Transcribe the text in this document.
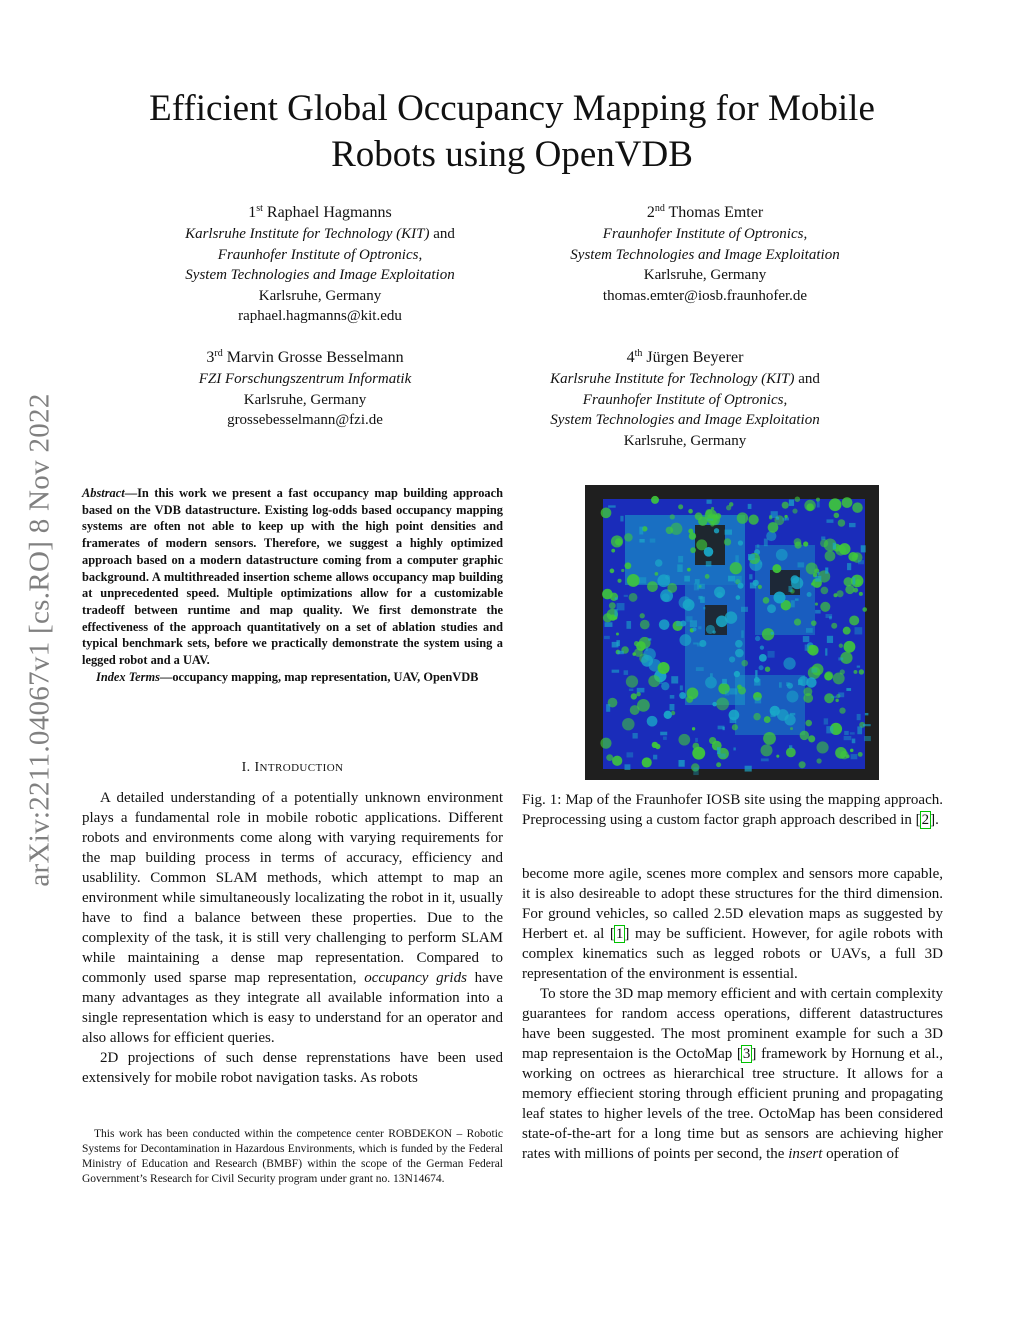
arXiv:2211.04067v1 [cs.RO] 8 Nov 2022
Efficient Global Occupancy Mapping for Mobile
Robots using OpenVDB
1st Raphael Hagmanns
Karlsruhe Institute for Technology (KIT) and
Fraunhofer Institute of Optronics,
System Technologies and Image Exploitation
Karlsruhe, Germany
raphael.hagmanns@kit.edu
2nd Thomas Emter
Fraunhofer Institute of Optronics,
System Technologies and Image Exploitation
Karlsruhe, Germany
thomas.emter@iosb.fraunhofer.de
3rd Marvin Grosse Besselmann
FZI Forschungszentrum Informatik
Karlsruhe, Germany
grossebesselmann@fzi.de
4th Jürgen Beyerer
Karlsruhe Institute for Technology (KIT) and
Fraunhofer Institute of Optronics,
System Technologies and Image Exploitation
Karlsruhe, Germany
Abstract—In this work we present a fast occupancy map building approach based on the VDB datastructure. Existing log-odds based occupancy mapping systems are often not able to keep up with the high point densities and framerates of modern sensors. Therefore, we suggest a highly optimized approach based on a modern datastructure coming from a computer graphic background. A multithreaded insertion scheme allows occupancy map building at unprecedented speed. Multiple optimizations allow for a customizable tradeoff between runtime and map quality. We first demonstrate the effectiveness of the approach quantitatively on a set of ablation studies and typical benchmark sets, before we practically demonstrate the system using a legged robot and a UAV.
Index Terms—occupancy mapping, map representation, UAV, OpenVDB
I. INTRODUCTION

A detailed understanding of a potentially unknown environment plays a fundamental role in mobile robotic applications. Different robots and environments come along with varying requirements for the map building process in terms of accuracy, efficiency and usablility. Common SLAM methods, which attempt to map an environment while simultaneously localizating the robot in it, usually have to find a balance between these properties. Due to the complexity of the task, it is still very challenging to perform SLAM while maintaining a dense map representation. Compared to commonly used sparse map representation, occupancy grids have many advantages as they integrate all available information into a single representation which is easy to understand for an operator and also allows for efficient queries.

2D projections of such dense reprenstations have been used extensively for mobile robot navigation tasks. As robots

This work has been conducted within the competence center ROBDEKON – Robotic Systems for Decontamination in Hazardous Environments, which is funded by the Federal Ministry of Education and Research (BMBF) within the scope of the German Federal Government’s Research for Civil Security program under grant no. 13N14674.

Fig. 1: Map of the Fraunhofer IOSB site using the mapping approach. Preprocessing using a custom factor graph approach described in [2].

become more agile, scenes more complex and sensors more capable, it is also desireable to adopt these structures for the third dimension. For ground vehicles, so called 2.5D elevation maps as suggested by Herbert et. al [1] may be sufficient. However, for agile robots with complex kinematics such as legged robots or UAVs, a full 3D representation of the environment is essential.

To store the 3D map memory efficient and with certain complexity guarantees for random access operations, different datastructures have been suggested. The most prominent example for such a 3D map representaion is the OctoMap [3] framework by Hornung et al., working on octrees as hierarchical tree structure. It allows for a memory effiecient storing through efficient pruning and propagating leaf states to higher levels of the tree. OctoMap has been considered state-of-the-art for a long time but as sensors are achieving higher rates with millions of points per second, the insert operation of
